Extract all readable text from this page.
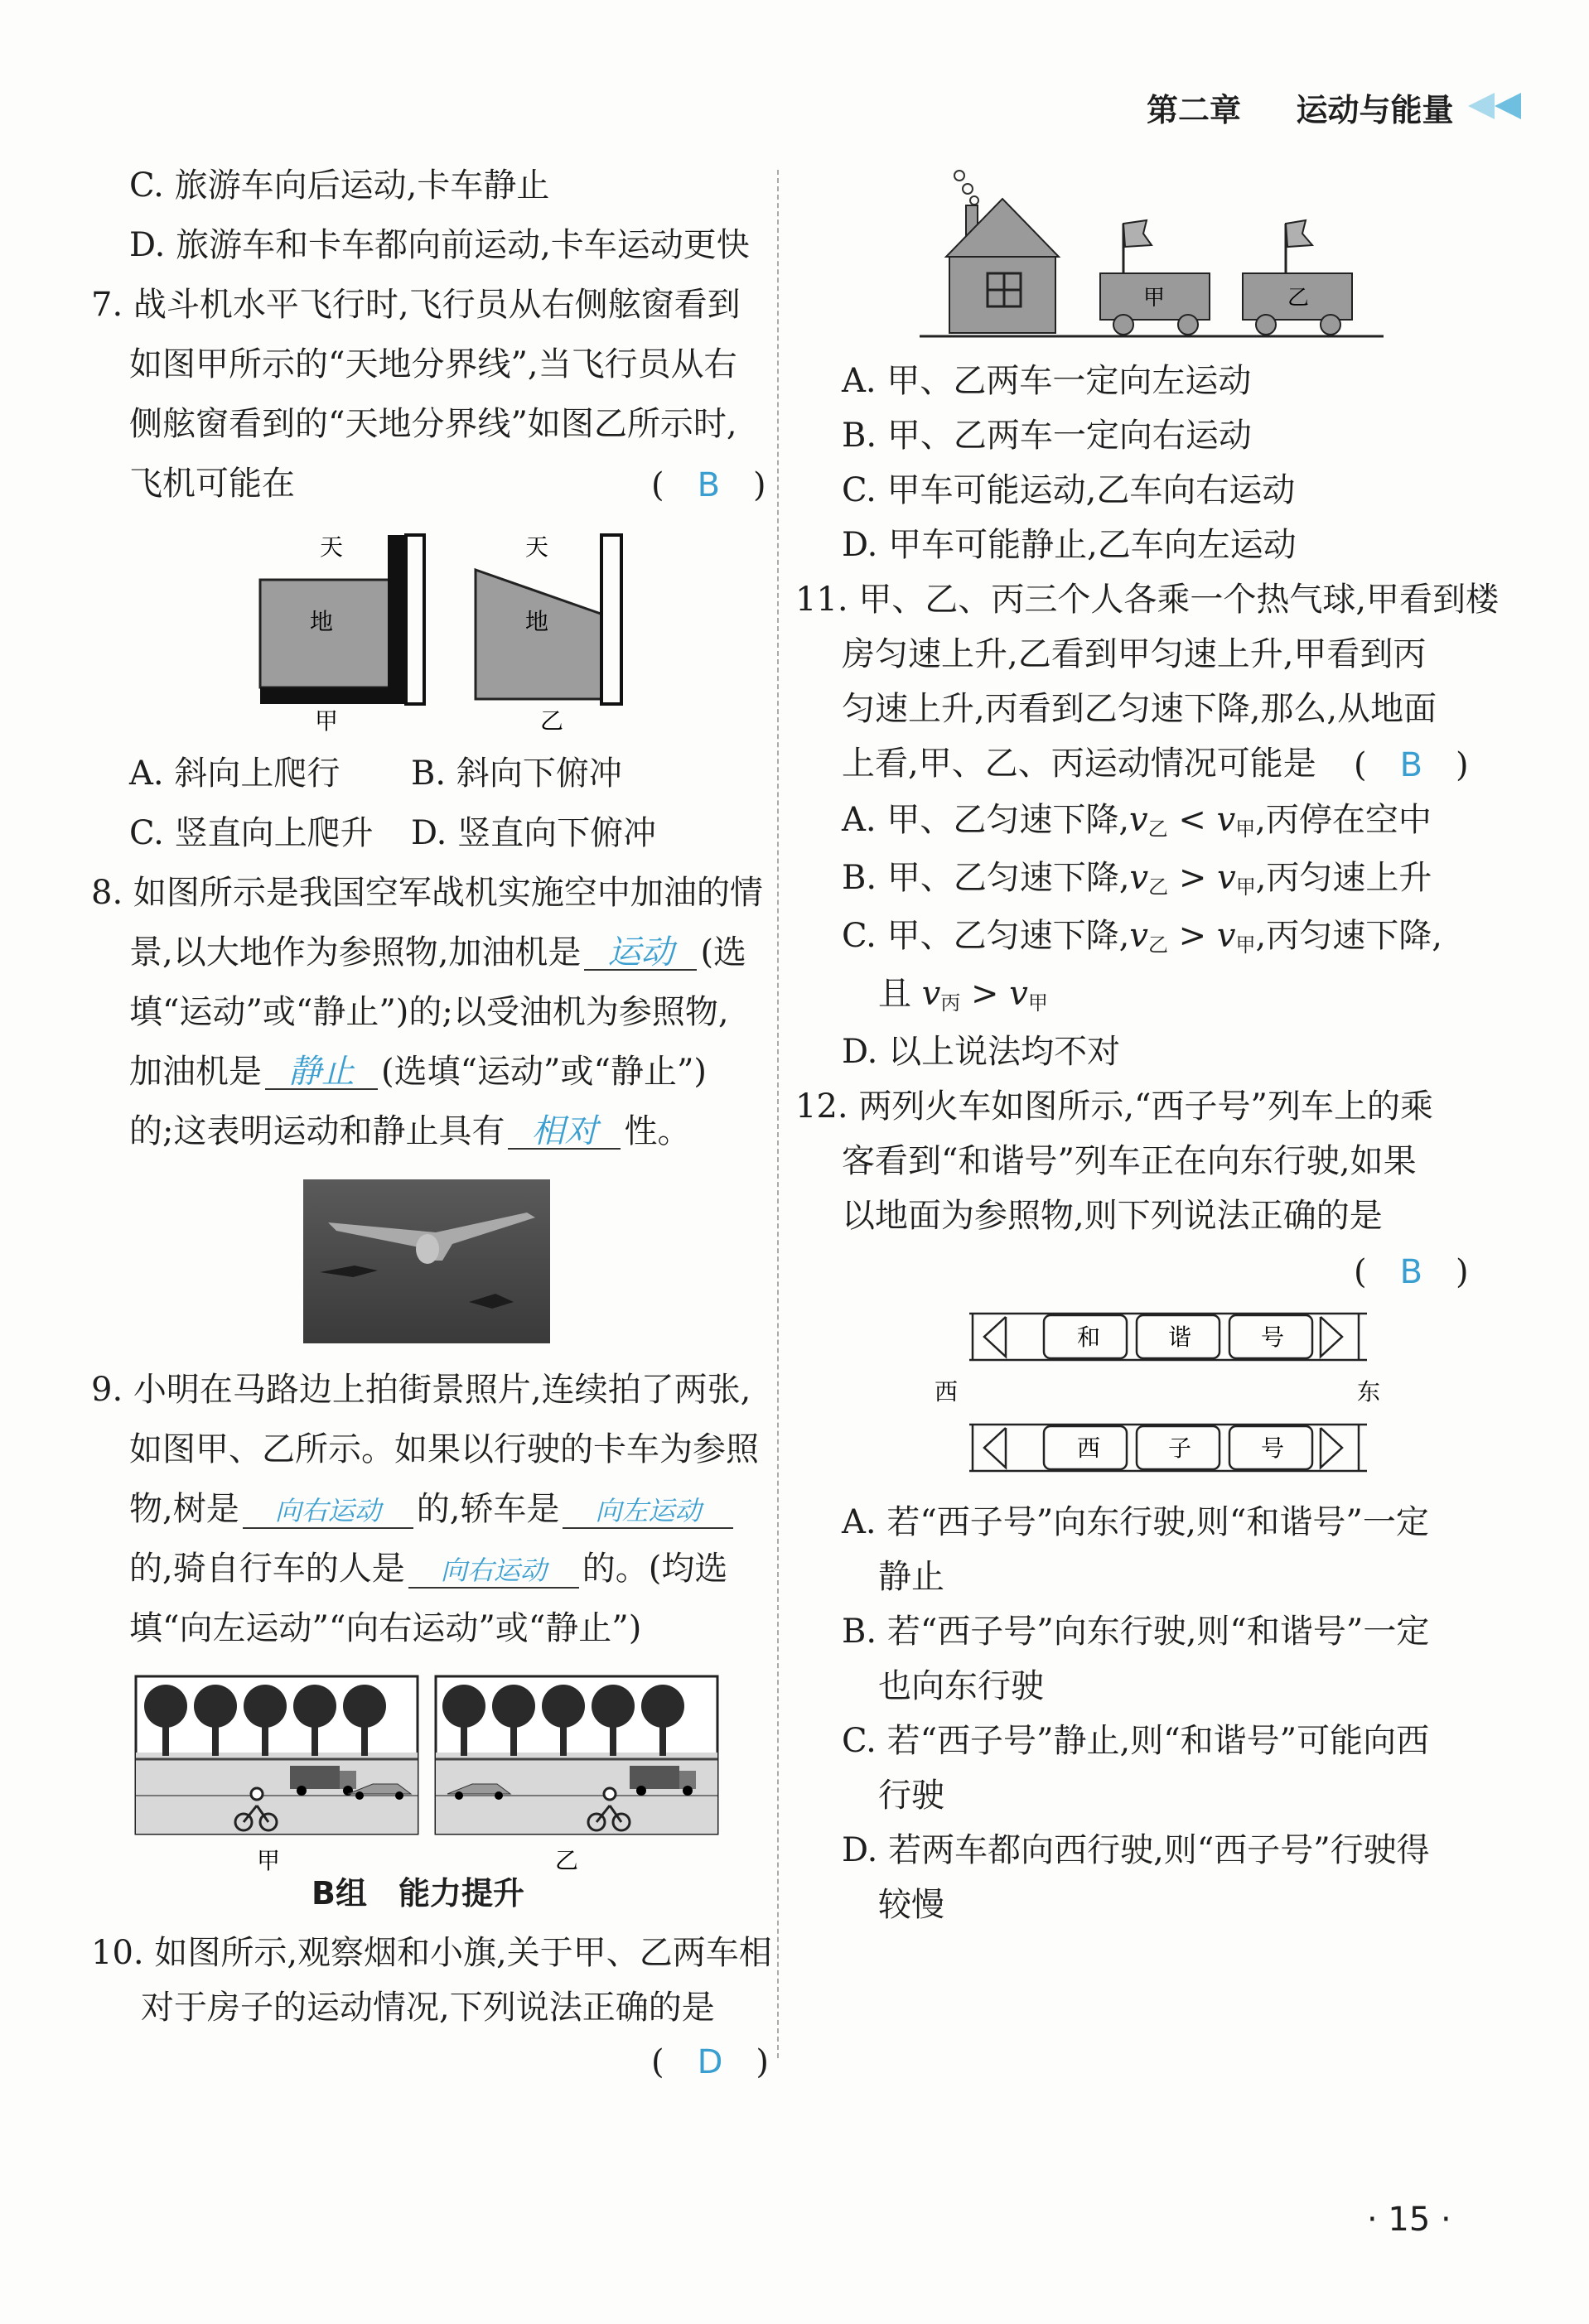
第二章 运动与能量
C. 旅游车向后运动,卡车静止
D. 旅游车和卡车都向前运动,卡车运动更快
7. 战斗机水平飞行时,飞行员从右侧舷窗看到
如图甲所示的“天地分界线”,当飞行员从右
侧舷窗看到的“天地分界线”如图乙所示时,
飞机可能在	(　B　)
天
地
甲
天
地
乙
A. 斜向上爬行 B. 斜向下俯冲
C. 竖直向上爬升 D. 竖直向下俯冲
8. 如图所示是我国空军战机实施空中加油的情
景,以大地作为参照物,加油机是 运动 (选
填“运动”或“静止”)的;以受油机为参照物,
加油机是 静止 (选填“运动”或“静止”)
的;这表明运动和静止具有 相对 性。
9. 小明在马路边上拍街景照片,连续拍了两张,
如图甲、乙所示。如果以行驶的卡车为参照
物,树是 向右运动 的,轿车是 向左运动
的,骑自行车的人是 向右运动 的。(均选
填“向左运动”“向右运动”或“静止”)
甲	乙
B组　能力提升
10. 如图所示,观察烟和小旗,关于甲、乙两车相
对于房子的运动情况,下列说法正确的是
(　D　)
甲	乙
A. 甲、乙两车一定向左运动
B. 甲、乙两车一定向右运动
C. 甲车可能运动,乙车向右运动
D. 甲车可能静止,乙车向左运动
11. 甲、乙、丙三个人各乘一个热气球,甲看到楼
房匀速上升,乙看到甲匀速上升,甲看到丙
匀速上升,丙看到乙匀速下降,那么,从地面
上看,甲、乙、丙运动情况可能是 (　B　)
A. 甲、乙匀速下降$,v_乙 < v_甲$,丙停在空中
B. 甲、乙匀速下降$,v_乙 > v_甲$,丙匀速上升
C. 甲、乙匀速下降$,v_乙 > v_甲$,丙匀速下降,
且 $v_丙 > v_甲$
D. 以上说法均不对
12. 两列火车如图所示,“西子号”列车上的乘
客看到“和谐号”列车正在向东行驶,如果
以地面为参照物,则下列说法正确的是
(　B　)
和	谐	号
西	东
西	子	号
A. 若“西子号”向东行驶,则“和谐号”一定
静止
B. 若“西子号”向东行驶,则“和谐号”一定
也向东行驶
C. 若“西子号”静止,则“和谐号”可能向西
行驶
D. 若两车都向西行驶,则“西子号”行驶得
较慢
· 15 ·
